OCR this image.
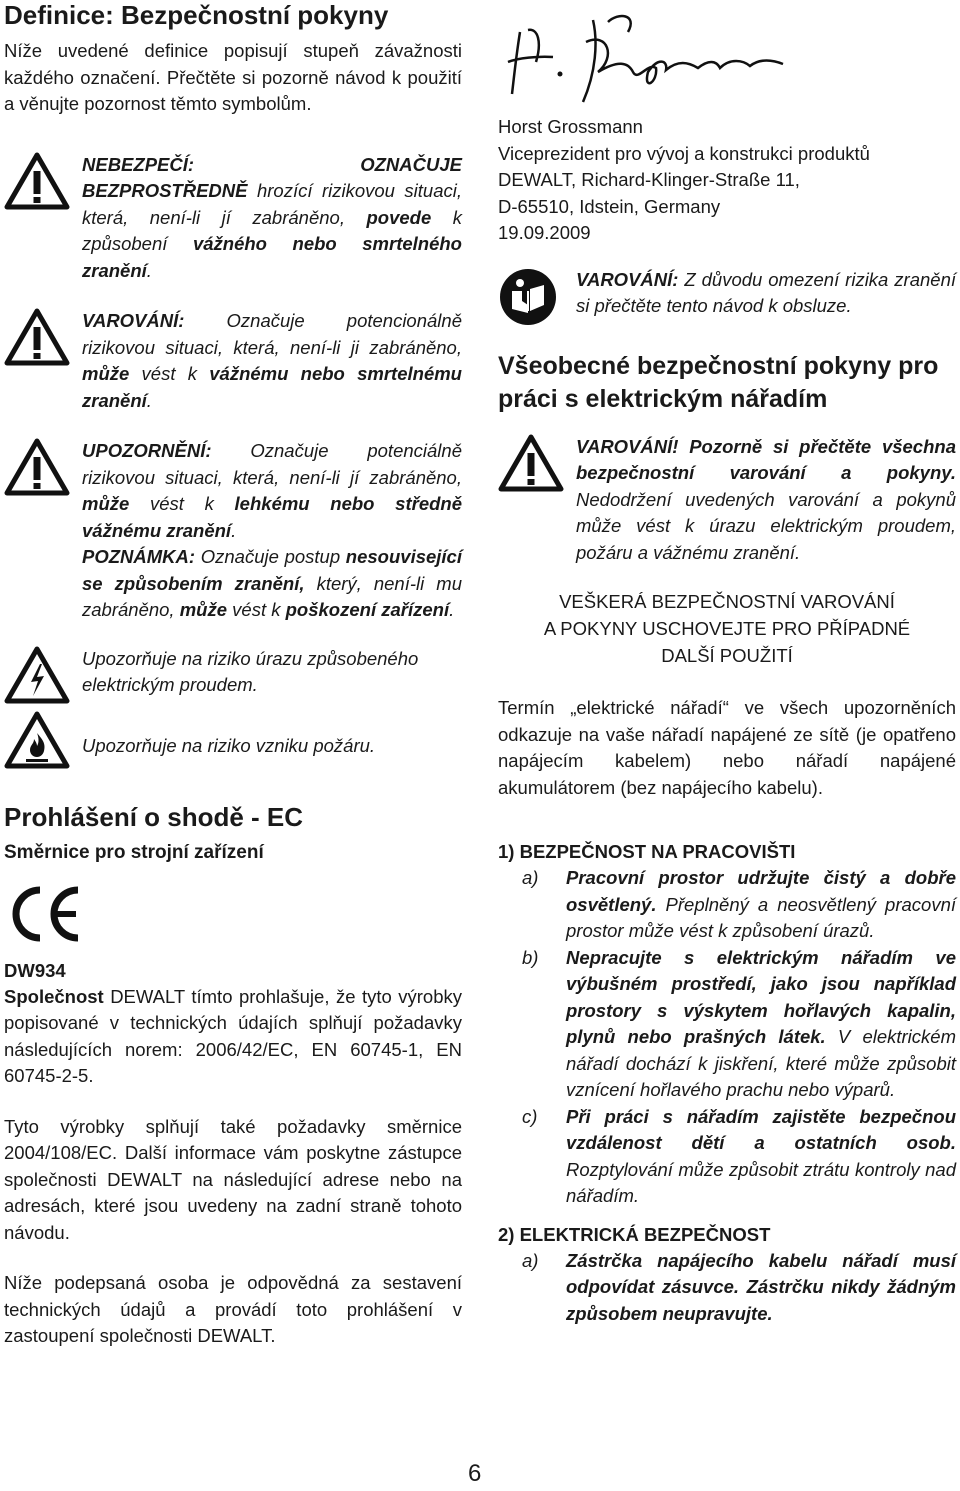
Definice: Bezpečnostní pokyny

Níže uvedené definice popisují stupeň závažnosti každého označení. Přečtěte si pozorně návod k použití a věnujte pozornost těmto symbolům.

NEBEZPEČÍ: OZNAČUJE BEZPROSTŘEDNĚ hrozící rizikovou situaci, která, není-li jí zabráněno, povede k způsobení vážného nebo smrtelného zranění.

VAROVÁNÍ: Označuje potencionálně rizikovou situaci, která, není-li ji zabráněno, může vést k vážnému nebo smrtelnému zranění.

UPOZORNĚNÍ: Označuje potenciálně rizikovou situaci, která, není-li jí zabráněno, může vést k lehkému nebo středně vážnému zranění.

POZNÁMKA: Označuje postup nesouvisející se způsobením zranění, který, není-li mu zabráněno, může vést k poškození zařízení.

Upozorňuje na riziko úrazu způsobeného elektrickým proudem.

Upozorňuje na riziko vzniku požáru.

Prohlášení o shodě - EC
Směrnice pro strojní zařízení
DW934

Společnost DEWALT tímto prohlašuje, že tyto výrobky popisované v technických údajích splňují požadavky následujících norem: 2006/42/EC, EN 60745-1, EN 60745-2-5.

Tyto výrobky splňují také požadavky směrnice 2004/108/EC. Další informace vám poskytne zástupce společnosti DEWALT na následující adrese nebo na adresách, které jsou uvedeny na zadní straně tohoto návodu.

Níže podepsaná osoba je odpovědná za sestavení technických údajů a provádí toto prohlášení v zastoupení společnosti DEWALT.

Horst Grossmann

Viceprezident pro vývoj a konstrukci produktů

DEWALT, Richard-Klinger-Straße 11,

D-65510, Idstein, Germany

19.09.2009

VAROVÁNÍ: Z důvodu omezení rizika zranění si přečtěte tento návod k obsluze.

Všeobecné bezpečnostní pokyny pro práci s elektrickým nářadím

VAROVÁNÍ! Pozorně si přečtěte všechna bezpečnostní varování a pokyny. Nedodržení uvedených varování a pokynů může vést k úrazu elektrickým proudem, požáru a vážnému zranění.

VEŠKERÁ BEZPEČNOSTNÍ VAROVÁNÍ
A POKYNY USCHOVEJTE PRO PŘÍPADNÉ
DALŠÍ POUŽITÍ

Termín „elektrické nářadí“ ve všech upozorněních odkazuje na vaše nářadí napájené ze sítě (je opatřeno napájecím kabelem) nebo nářadí napájené akumulátorem (bez napájecího kabelu).

1) BEZPEČNOST NA PRACOVIŠTI
a)	Pracovní prostor udržujte čistý a dobře osvětlený. Přeplněný a neosvětlený pracovní prostor může vést k způsobení úrazů.

b)	Nepracujte s elektrickým nářadím ve výbušném prostředí, jako jsou například prostory s výskytem hořlavých kapalin, plynů nebo prašných látek. V elektrickém nářadí dochází k jiskření, které může způsobit vznícení hořlavého prachu nebo výparů.

c)	Při práci s nářadím zajistěte bezpečnou vzdálenost dětí a ostatních osob. Rozptylování může způsobit ztrátu kontroly nad nářadím.

2) ELEKTRICKÁ BEZPEČNOST
a)	Zástrčka napájecího kabelu nářadí musí odpovídat zásuvce. Zástrčku nikdy žádným způsobem neupravujte.

6
